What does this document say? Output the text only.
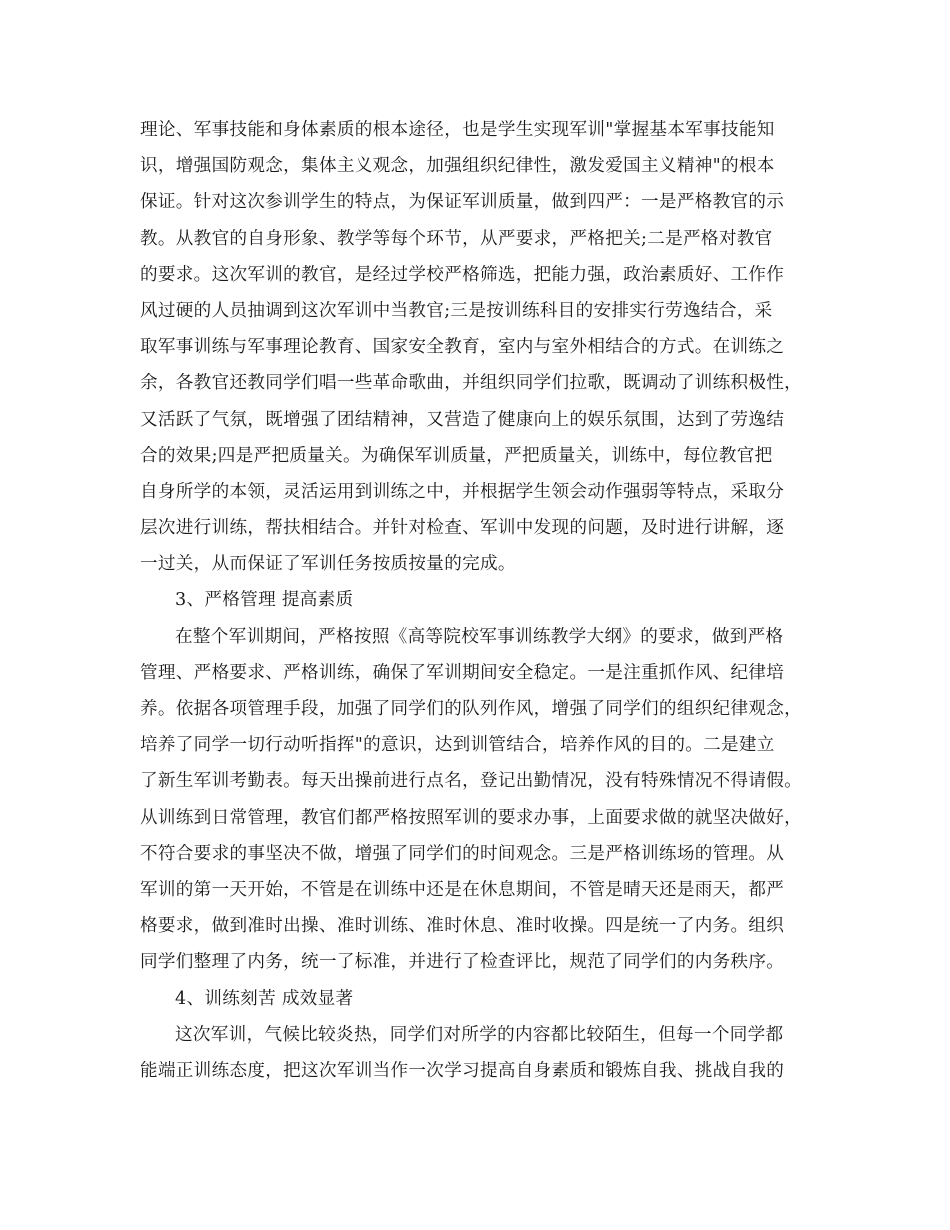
理论、军事技能和身体素质的根本途径，也是学生实现军训"掌握基本军事技能知
识，增强国防观念，集体主义观念，加强组织纪律性，激发爱国主义精神"的根本
保证。针对这次参训学生的特点，为保证军训质量，做到四严：一是严格教官的示
教。从教官的自身形象、教学等每个环节，从严要求，严格把关;二是严格对教官
的要求。这次军训的教官，是经过学校严格筛选，把能力强，政治素质好、工作作
风过硬的人员抽调到这次军训中当教官;三是按训练科目的安排实行劳逸结合，采
取军事训练与军事理论教育、国家安全教育，室内与室外相结合的方式。在训练之
余，各教官还教同学们唱一些革命歌曲，并组织同学们拉歌，既调动了训练积极性，
又活跃了气氛，既增强了团结精神，又营造了健康向上的娱乐氛围，达到了劳逸结
合的效果;四是严把质量关。为确保军训质量，严把质量关，训练中，每位教官把
自身所学的本领，灵活运用到训练之中，并根据学生领会动作强弱等特点，采取分
层次进行训练，帮扶相结合。并针对检查、军训中发现的问题，及时进行讲解，逐
一过关，从而保证了军训任务按质按量的完成。
3、严格管理 提高素质
在整个军训期间，严格按照《高等院校军事训练教学大纲》的要求，做到严格
管理、严格要求、严格训练，确保了军训期间安全稳定。一是注重抓作风、纪律培
养。依据各项管理手段，加强了同学们的队列作风，增强了同学们的组织纪律观念，
培养了同学一切行动听指挥"的意识，达到训管结合，培养作风的目的。二是建立
了新生军训考勤表。每天出操前进行点名，登记出勤情况，没有特殊情况不得请假。
从训练到日常管理，教官们都严格按照军训的要求办事，上面要求做的就坚决做好，
不符合要求的事坚决不做，增强了同学们的时间观念。三是严格训练场的管理。从
军训的第一天开始，不管是在训练中还是在休息期间，不管是晴天还是雨天，都严
格要求，做到准时出操、准时训练、准时休息、准时收操。四是统一了内务。组织
同学们整理了内务，统一了标准，并进行了检查评比，规范了同学们的内务秩序。
4、训练刻苦 成效显著
这次军训，气候比较炎热，同学们对所学的内容都比较陌生，但每一个同学都
能端正训练态度，把这次军训当作一次学习提高自身素质和锻炼自我、挑战自我的
